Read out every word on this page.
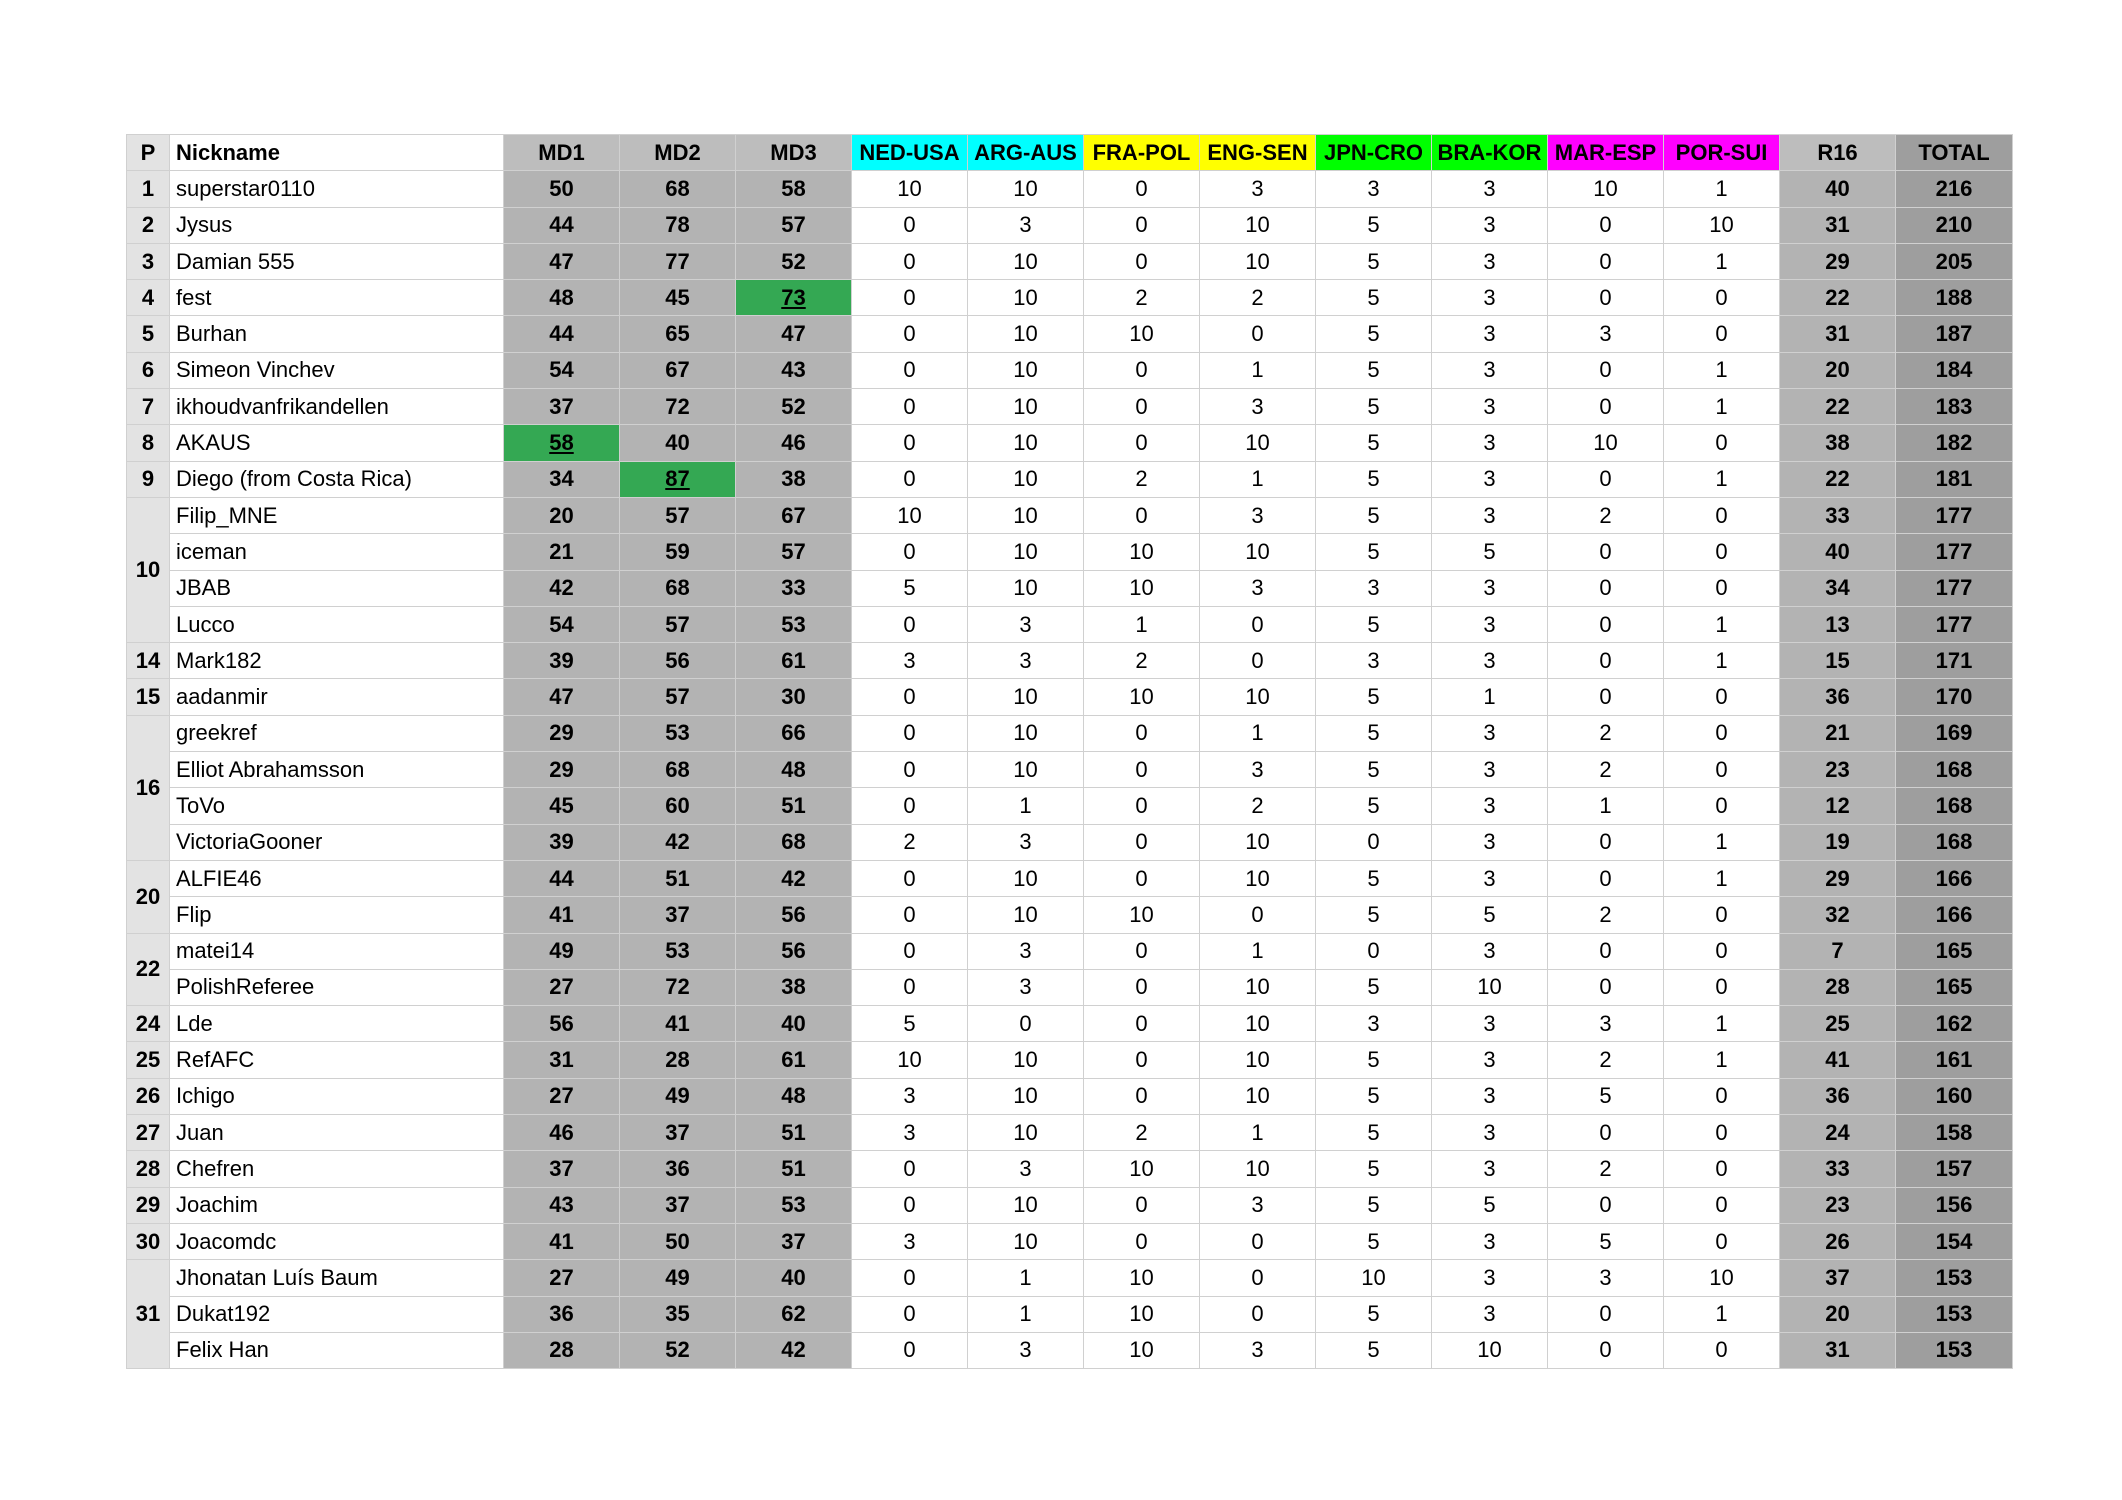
P	Nickname	MD1	MD2	MD3	NED-USA	ARG-AUS	FRA-POL	ENG-SEN	JPN-CRO	BRA-KOR	MAR-ESP	POR-SUI	R16	TOTAL
1	superstar0110	50	68	58	10	10	0	3	3	3	10	1	40	216
2	Jysus	44	78	57	0	3	0	10	5	3	0	10	31	210
3	Damian 555	47	77	52	0	10	0	10	5	3	0	1	29	205
4	fest	48	45	73	0	10	2	2	5	3	0	0	22	188
5	Burhan	44	65	47	0	10	10	0	5	3	3	0	31	187
6	Simeon Vinchev	54	67	43	0	10	0	1	5	3	0	1	20	184
7	ikhoudvanfrikandellen	37	72	52	0	10	0	3	5	3	0	1	22	183
8	AKAUS	58	40	46	0	10	0	10	5	3	10	0	38	182
9	Diego (from Costa Rica)	34	87	38	0	10	2	1	5	3	0	1	22	181
10	Filip_MNE	20	57	67	10	10	0	3	5	3	2	0	33	177
	iceman	21	59	57	0	10	10	10	5	5	0	0	40	177
	JBAB	42	68	33	5	10	10	3	3	3	0	0	34	177
	Lucco	54	57	53	0	3	1	0	5	3	0	1	13	177
14	Mark182	39	56	61	3	3	2	0	3	3	0	1	15	171
15	aadanmir	47	57	30	0	10	10	10	5	1	0	0	36	170
16	greekref	29	53	66	0	10	0	1	5	3	2	0	21	169
	Elliot Abrahamsson	29	68	48	0	10	0	3	5	3	2	0	23	168
	ToVo	45	60	51	0	1	0	2	5	3	1	0	12	168
	VictoriaGooner	39	42	68	2	3	0	10	0	3	0	1	19	168
20	ALFIE46	44	51	42	0	10	0	10	5	3	0	1	29	166
	Flip	41	37	56	0	10	10	0	5	5	2	0	32	166
22	matei14	49	53	56	0	3	0	1	0	3	0	0	7	165
	PolishReferee	27	72	38	0	3	0	10	5	10	0	0	28	165
24	Lde	56	41	40	5	0	0	10	3	3	3	1	25	162
25	RefAFC	31	28	61	10	10	0	10	5	3	2	1	41	161
26	Ichigo	27	49	48	3	10	0	10	5	3	5	0	36	160
27	Juan	46	37	51	3	10	2	1	5	3	0	0	24	158
28	Chefren	37	36	51	0	3	10	10	5	3	2	0	33	157
29	Joachim	43	37	53	0	10	0	3	5	5	0	0	23	156
30	Joacomdc	41	50	37	3	10	0	0	5	3	5	0	26	154
31	Jhonatan Luís Baum	27	49	40	0	1	10	0	10	3	3	10	37	153
	Dukat192	36	35	62	0	1	10	0	5	3	0	1	20	153
	Felix Han	28	52	42	0	3	10	3	5	10	0	0	31	153
